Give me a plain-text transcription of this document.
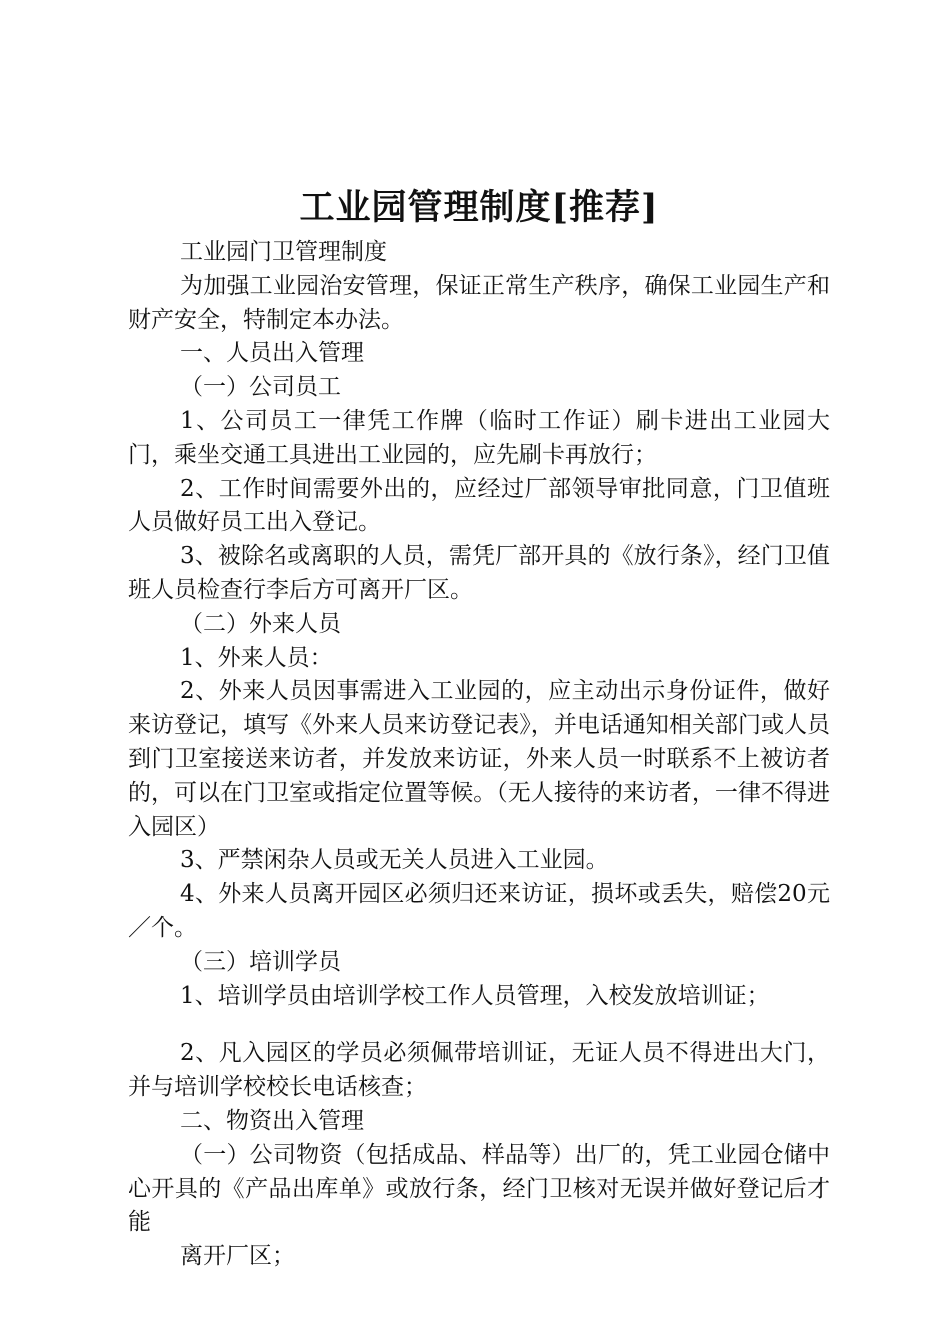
工业园管理制度[推荐]
工业园门卫管理制度
为加强工业园治安管理，保证正常生产秩序，确保工业园生产和财产安全，特制定本办法。
一、人员出入管理
（一）公司员工
1、公司员工一律凭工作牌（临时工作证）刷卡进出工业园大门，乘坐交通工具进出工业园的，应先刷卡再放行；
2、工作时间需要外出的，应经过厂部领导审批同意，门卫值班人员做好员工出入登记。
3、被除名或离职的人员，需凭厂部开具的《放行条》，经门卫值班人员检查行李后方可离开厂区。
（二）外来人员
1、外来人员：
2、外来人员因事需进入工业园的，应主动出示身份证件，做好来访登记，填写《外来人员来访登记表》，并电话通知相关部门或人员到门卫室接送来访者，并发放来访证，外来人员一时联系不上被访者的，可以在门卫室或指定位置等候。（无人接待的来访者，一律不得进入园区）
3、严禁闲杂人员或无关人员进入工业园。
4、外来人员离开园区必须归还来访证，损坏或丢失，赔偿20元／个。
（三）培训学员
1、培训学员由培训学校工作人员管理，入校发放培训证；
2、凡入园区的学员必须佩带培训证，无证人员不得进出大门，并与培训学校校长电话核查；
二、物资出入管理
（一）公司物资（包括成品、样品等）出厂的，凭工业园仓储中心开具的《产品出库单》或放行条，经门卫核对无误并做好登记后才能
离开厂区；
